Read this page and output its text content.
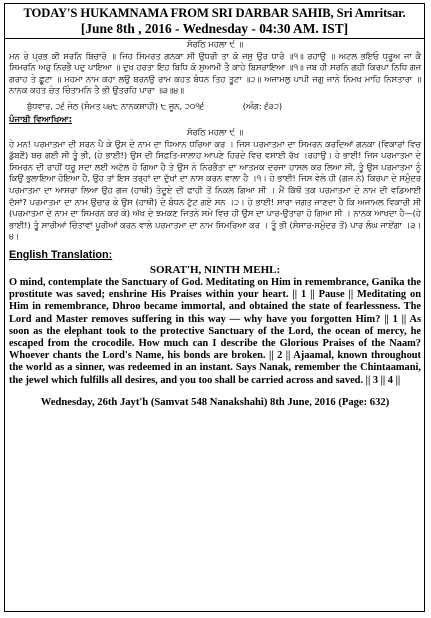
TODAY'S HUKAMNAMA FROM SRI DARBAR SAHIB, Sri Amritsar.
[June 8th , 2016 - Wednesday - 04:30 AM. IST]

ਸੋਰਠਿ ਮਹਲਾ ੯ ॥

ਮਨ ਰੇ ਪ੍ਰਭ ਕੀ ਸਰਨਿ ਬਿਚਾਰੋ ॥ ਜਿਹ ਸਿਮਰਤ ਗਨਕਾ ਸੀ ਉਧਰੀ ਤਾ ਕੋ ਜਸੁ ਉਰ ਧਾਰੋ ॥੧॥ ਰਹਾਉ ॥ ਅਟਲ ਭਇਓ ਧ੍ਰੂਅ ਜਾ ਕੈ ਸਿਮਰਨਿ ਅਰੁ ਨਿਰਭੈ ਪਦੁ ਪਾਇਆ ॥ ਦੁਖ ਹਰਤਾ ਇਹ ਬਿਧਿ ਕੋ ਸੁਆਮੀ ਤੈ ਕਾਹੇ ਬਿਸਰਾਇਆ ॥੧॥ ਜਬ ਹੀ ਸਰਨਿ ਗਹੀ ਕਿਰਪਾ ਨਿਧਿ ਗਜ ਗਰਾਹ ਤੇ ਛੂਟਾ ॥ ਮਹਮਾ ਨਾਮ ਕਹਾ ਲਉ ਬਰਨਉ ਰਾਮ ਕਹਤ ਬੰਧਨ ਤਿਹ ਤੂਟਾ ॥੨॥ ਅਜਾਮਲੁ ਪਾਪੀ ਜਗੁ ਜਾਨੇ ਨਿਮਖ ਮਾਹਿ ਨਿਸਤਾਰਾ ॥ ਨਾਨਕ ਕਹਤ ਚੇਤ ਚਿੰਤਾਮਨਿ ਤੈ ਭੀ ਉਤਰਹਿ ਪਾਰਾ ॥੩॥੪॥

ਬੁੱਧਵਾਰ, ੨੬ ਜੇਠ (ਸੰਮਤ ੫੪੮ ਨਾਨਕਸ਼ਾਹੀ) ੮ ਜੂਨ, ੨੦੧੬	(ਅੰਗ: ੬੩੨)
ਪੰਜਾਬੀ ਵਿਆਖਿਆ:

ਸੋਰਠਿ ਮਹਲਾ ੯ ॥

ਹੇ ਮਨ! ਪਰਮਾਤਮਾ ਦੀ ਸਰਨ ਪੈ ਕੇ ਉਸ ਦੇ ਨਾਮ ਦਾ ਧਿਆਨ ਧਰਿਆ ਕਰ । ਜਿਸ ਪਰਮਾਤਮਾ ਦਾ ਸਿਮਰਨ ਕਰਦਿਆਂ ਗਨਕਾ (ਵਿਕਾਰਾਂ ਵਿਚ ਡੁੱਬਣੋਂ) ਬਚ ਗਈ ਸੀ ਤੂੰ ਭੀ, (ਹੇ ਭਾਈ!) ਉਸ ਦੀ ਸਿਫ਼ਤਿ-ਸਾਲਾਹ ਆਪਣੇ ਹਿਰਦੇ ਵਿਚ ਵਸਾਈ ਰੱਖ ।ਰਹਾਉ। ਹੇ ਭਾਈ! ਜਿਸ ਪਰਮਾਤਮਾ ਦੇ ਸਿਮਰਨ ਦੀ ਰਾਹੀਂ ਧ੍ਰੂ ਸਦਾ ਲਈ ਅਟੱਲ ਹੋ ਗਿਆ ਹੈ ਤੇ ਉਸ ਨੇ ਨਿਰਭੈਤਾ ਦਾ ਆਤਮਕ ਦਰਜਾ ਹਾਸਲ ਕਰ ਲਿਆ ਸੀ, ਤੂੰ ਉਸ ਪਰਮਾਤਮਾ ਨੂੰ ਕਿਉਂ ਭੁਲਾਇਆ ਹੋਇਆ ਹੈ, ਉਹ ਤਾਂ ਇਸ ਤਰ੍ਹਾਂ ਦਾ ਦੁੱਖਾਂ ਦਾ ਨਾਸ ਕਰਨ ਵਾਲਾ ਹੈ ।੧। ਹੇ ਭਾਈ! ਜਿਸ ਵੇਲੇ ਹੀ (ਗਜ ਨੇ) ਕਿਰਪਾ ਦੇ ਸਮੁੰਦਰ ਪਰਮਾਤਮਾ ਦਾ ਆਸਰਾ ਲਿਆ ਉਹ ਗਜ (ਹਾਥੀ) ਤੰਦੂਏ ਦੀ ਫਾਹੀ ਤੋਂ ਨਿਕਲ ਗਿਆ ਸੀ । ਮੈਂ ਕਿੱਥੋਂ ਤਕ ਪਰਮਾਤਮਾ ਦੇ ਨਾਮ ਦੀ ਵਡਿਆਈ ਦੱਸਾਂ? ਪਰਮਾਤਮਾ ਦਾ ਨਾਮ ਉਚਾਰ ਕੇ ਉਸ (ਹਾਥੀ) ਦੇ ਬੰਧਨ ਟੁੱਟ ਗਏ ਸਨ ।੨। ਹੇ ਭਾਈ! ਸਾਰਾ ਜਗਤ ਜਾਣਦਾ ਹੈ ਕਿ ਅਜਾਮਲ ਵਿਕਾਰੀ ਸੀ (ਪਰਮਾਤਮਾ ਦੇ ਨਾਮ ਦਾ ਸਿਮਰਨ ਕਰ ਕੇ) ਅੱਖ ਦੇ ਝਮਕਣ ਜਿਤਨੇ ਸਮੇ ਵਿਚ ਹੀ ਉਸ ਦਾ ਪਾਰ-ਉਤਾਰਾ ਹੋ ਗਿਆ ਸੀ । ਨਾਨਕ ਆਖਦਾ ਹੈ—(ਹੇ ਭਾਈ!) ਤੂੰ ਸਾਰੀਆਂ ਚਿੰਤਾਵਾਂ ਪੂਰੀਆਂ ਕਰਨ ਵਾਲੇ ਪਰਮਾਤਮਾ ਦਾ ਨਾਮ ਸਿਮਰਿਆ ਕਰ । ਤੂੰ ਭੀ (ਸੰਸਾਰ-ਸਮੁੰਦਰ ਤੋਂ) ਪਾਰ ਲੰਘ ਜਾਏਂਗਾ ।੩।੪।

English Translation:

SORAT'H, NINTH MEHL:

O mind, contemplate the Sanctuary of God. Meditating on Him in remembrance, Ganika the prostitute was saved; enshrine His Praises within your heart. || 1 || Pause || Meditating on Him in remembrance, Dhroo became immortal, and obtained the state of fearlessness. The Lord and Master removes suffering in this way — why have you forgotten Him? || 1 || As soon as the elephant took to the protective Sanctuary of the Lord, the ocean of mercy, he escaped from the crocodile. How much can I describe the Glorious Praises of the Naam? Whoever chants the Lord's Name, his bonds are broken. || 2 || Ajaamal, known throughout the world as a sinner, was redeemed in an instant. Says Nanak, remember the Chintaamani, the jewel which fulfills all desires, and you too shall be carried across and saved. || 3 || 4 ||

Wednesday, 26th Jayt'h (Samvat 548 Nanakshahi) 8th June, 2016 (Page: 632)
